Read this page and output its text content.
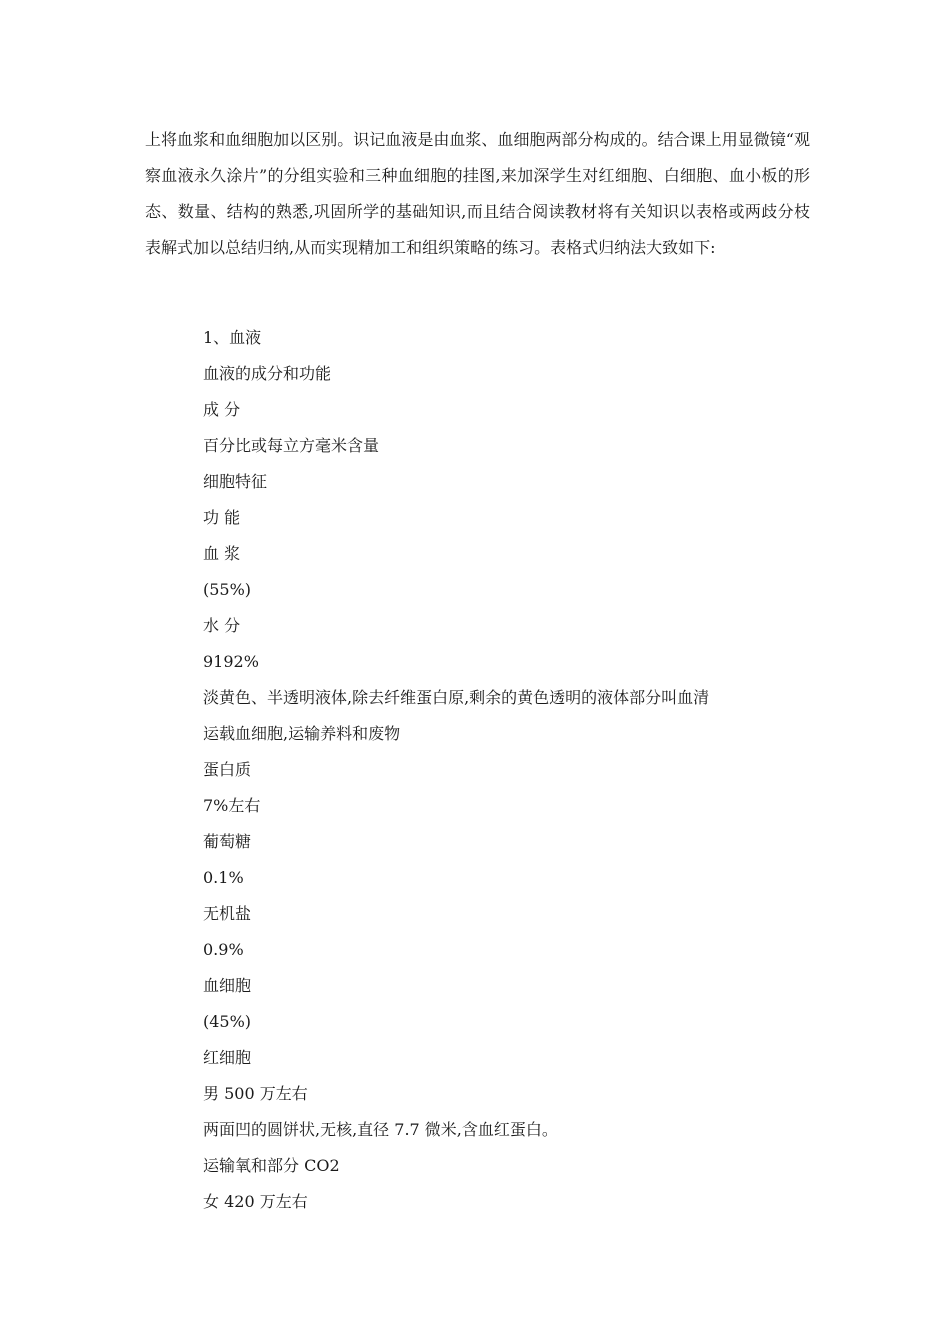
上将血浆和血细胞加以区别。识记血液是由血浆、血细胞两部分构成的。结合课上用显微镜“观察血液永久涂片”的分组实验和三种血细胞的挂图,来加深学生对红细胞、白细胞、血小板的形态、数量、结构的熟悉,巩固所学的基础知识,而且结合阅读教材将有关知识以表格或两歧分枝表解式加以总结归纳,从而实现精加工和组织策略的练习。表格式归纳法大致如下:

1、血液
血液的成分和功能
成 分
百分比或每立方毫米含量
细胞特征
功 能
血 浆
(55%)
水 分
9192%
淡黄色、半透明液体,除去纤维蛋白原,剩余的黄色透明的液体部分叫血清
运载血细胞,运输养料和废物
蛋白质
7%左右
葡萄糖
0.1%
无机盐
0.9%
血细胞
(45%)
红细胞
男 500 万左右
两面凹的圆饼状,无核,直径 7.7 微米,含血红蛋白。
运输氧和部分 CO2
女 420 万左右
